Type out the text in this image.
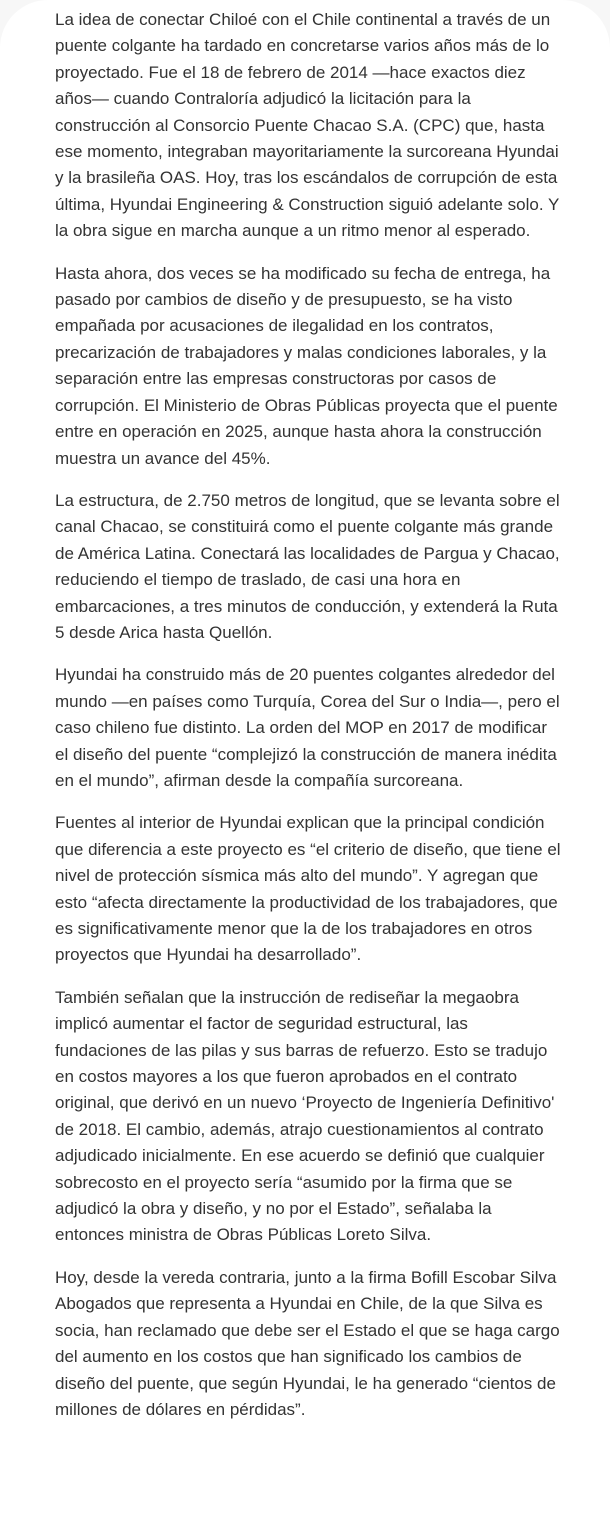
La idea de conectar Chiloé con el Chile continental a través de un puente colgante ha tardado en concretarse varios años más de lo proyectado. Fue el 18 de febrero de 2014 —hace exactos diez años— cuando Contraloría adjudicó la licitación para la construcción al Consorcio Puente Chacao S.A. (CPC) que, hasta ese momento, integraban mayoritariamente la surcoreana Hyundai y la brasileña OAS. Hoy, tras los escándalos de corrupción de esta última, Hyundai Engineering & Construction siguió adelante solo. Y la obra sigue en marcha aunque a un ritmo menor al esperado.

Hasta ahora, dos veces se ha modificado su fecha de entrega, ha pasado por cambios de diseño y de presupuesto, se ha visto empañada por acusaciones de ilegalidad en los contratos, precarización de trabajadores y malas condiciones laborales, y la separación entre las empresas constructoras por casos de corrupción. El Ministerio de Obras Públicas proyecta que el puente entre en operación en 2025, aunque hasta ahora la construcción muestra un avance del 45%.

La estructura, de 2.750 metros de longitud, que se levanta sobre el canal Chacao, se constituirá como el puente colgante más grande de América Latina. Conectará las localidades de Pargua y Chacao, reduciendo el tiempo de traslado, de casi una hora en embarcaciones, a tres minutos de conducción, y extenderá la Ruta 5 desde Arica hasta Quellón.

Hyundai ha construido más de 20 puentes colgantes alrededor del mundo —en países como Turquía, Corea del Sur o India—, pero el caso chileno fue distinto. La orden del MOP en 2017 de modificar el diseño del puente “complejizó la construcción de manera inédita en el mundo”, afirman desde la compañía surcoreana.

Fuentes al interior de Hyundai explican que la principal condición que diferencia a este proyecto es “el criterio de diseño, que tiene el nivel de protección sísmica más alto del mundo”. Y agregan que esto “afecta directamente la productividad de los trabajadores, que es significativamente menor que la de los trabajadores en otros proyectos que Hyundai ha desarrollado”.

También señalan que la instrucción de rediseñar la megaobra implicó aumentar el factor de seguridad estructural, las fundaciones de las pilas y sus barras de refuerzo. Esto se tradujo en costos mayores a los que fueron aprobados en el contrato original, que derivó en un nuevo ‘Proyecto de Ingeniería Definitivo' de 2018. El cambio, además, atrajo cuestionamientos al contrato adjudicado inicialmente. En ese acuerdo se definió que cualquier sobrecosto en el proyecto sería “asumido por la firma que se adjudicó la obra y diseño, y no por el Estado”, señalaba la entonces ministra de Obras Públicas Loreto Silva.

Hoy, desde la vereda contraria, junto a la firma Bofill Escobar Silva Abogados que representa a Hyundai en Chile, de la que Silva es socia, han reclamado que debe ser el Estado el que se haga cargo del aumento en los costos que han significado los cambios de diseño del puente, que según Hyundai, le ha generado “cientos de millones de dólares en pérdidas”.
